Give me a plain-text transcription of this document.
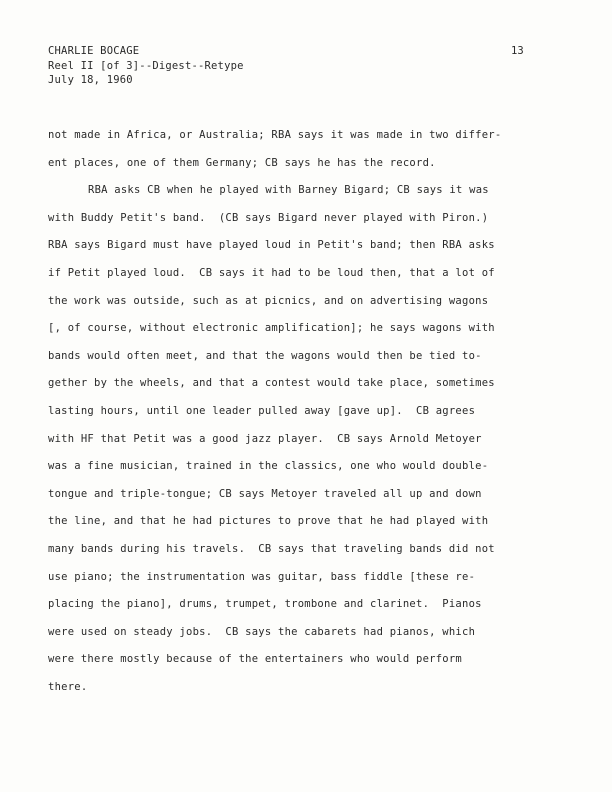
CHARLIE BOCAGE
Reel II [of 3]--Digest--Retype
July 18, 1960
13
not made in Africa, or Australia; RBA says it was made in two differ-
ent places, one of them Germany; CB says he has the record.
RBA asks CB when he played with Barney Bigard; CB says it was
with Buddy Petit's band.  (CB says Bigard never played with Piron.)
RBA says Bigard must have played loud in Petit's band; then RBA asks
if Petit played loud.  CB says it had to be loud then, that a lot of
the work was outside, such as at picnics, and on advertising wagons
[, of course, without electronic amplification]; he says wagons with
bands would often meet, and that the wagons would then be tied to-
gether by the wheels, and that a contest would take place, sometimes
lasting hours, until one leader pulled away [gave up].  CB agrees
with HF that Petit was a good jazz player.  CB says Arnold Metoyer
was a fine musician, trained in the classics, one who would double-
tongue and triple-tongue; CB says Metoyer traveled all up and down
the line, and that he had pictures to prove that he had played with
many bands during his travels.  CB says that traveling bands did not
use piano; the instrumentation was guitar, bass fiddle [these re-
placing the piano], drums, trumpet, trombone and clarinet.  Pianos
were used on steady jobs.  CB says the cabarets had pianos, which
were there mostly because of the entertainers who would perform
there.
